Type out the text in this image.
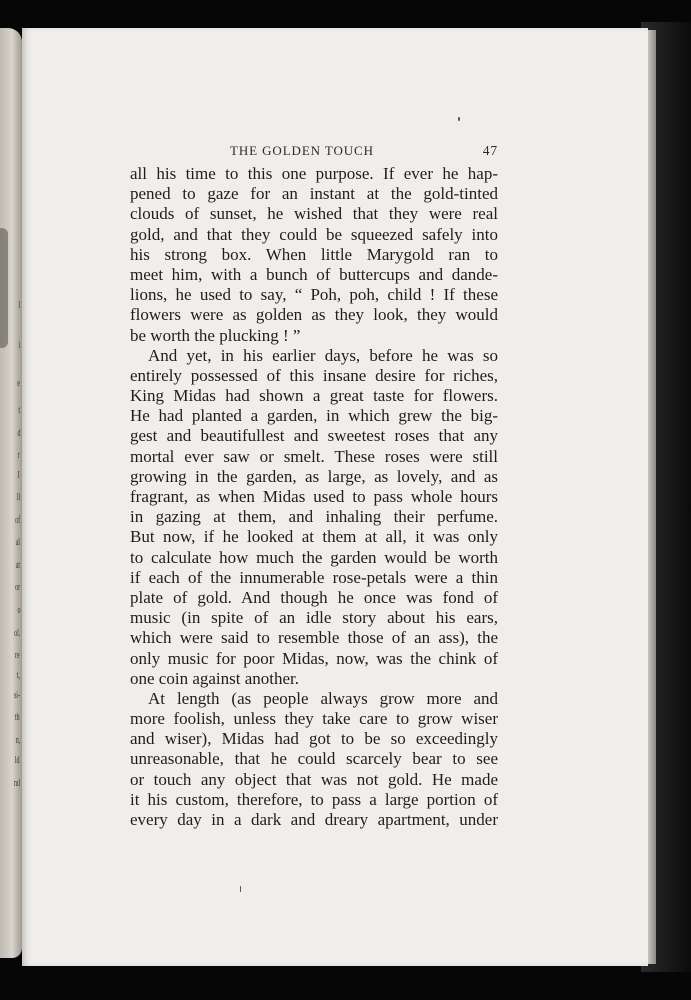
l
i
e
t
d
r
I
ll
of
al
at
or
o
ol.
re
t,
si-
th
n,
ld
nd
THE GOLDEN TOUCH	47
all his time to this one purpose. If ever he hap-
pened to gaze for an instant at the gold-tinted
clouds of sunset, he wished that they were real
gold, and that they could be squeezed safely into
his strong box. When little Marygold ran to
meet him, with a bunch of buttercups and dande-
lions, he used to say, “ Poh, poh, child ! If these
flowers were as golden as they look, they would
be worth the plucking ! ”
And yet, in his earlier days, before he was so
entirely possessed of this insane desire for riches,
King Midas had shown a great taste for flowers.
He had planted a garden, in which grew the big-
gest and beautifullest and sweetest roses that any
mortal ever saw or smelt. These roses were still
growing in the garden, as large, as lovely, and as
fragrant, as when Midas used to pass whole hours
in gazing at them, and inhaling their perfume.
But now, if he looked at them at all, it was only
to calculate how much the garden would be worth
if each of the innumerable rose-petals were a thin
plate of gold. And though he once was fond of
music (in spite of an idle story about his ears,
which were said to resemble those of an ass), the
only music for poor Midas, now, was the chink of
one coin against another.
At length (as people always grow more and
more foolish, unless they take care to grow wiser
and wiser), Midas had got to be so exceedingly
unreasonable, that he could scarcely bear to see
or touch any object that was not gold. He made
it his custom, therefore, to pass a large portion of
every day in a dark and dreary apartment, under
